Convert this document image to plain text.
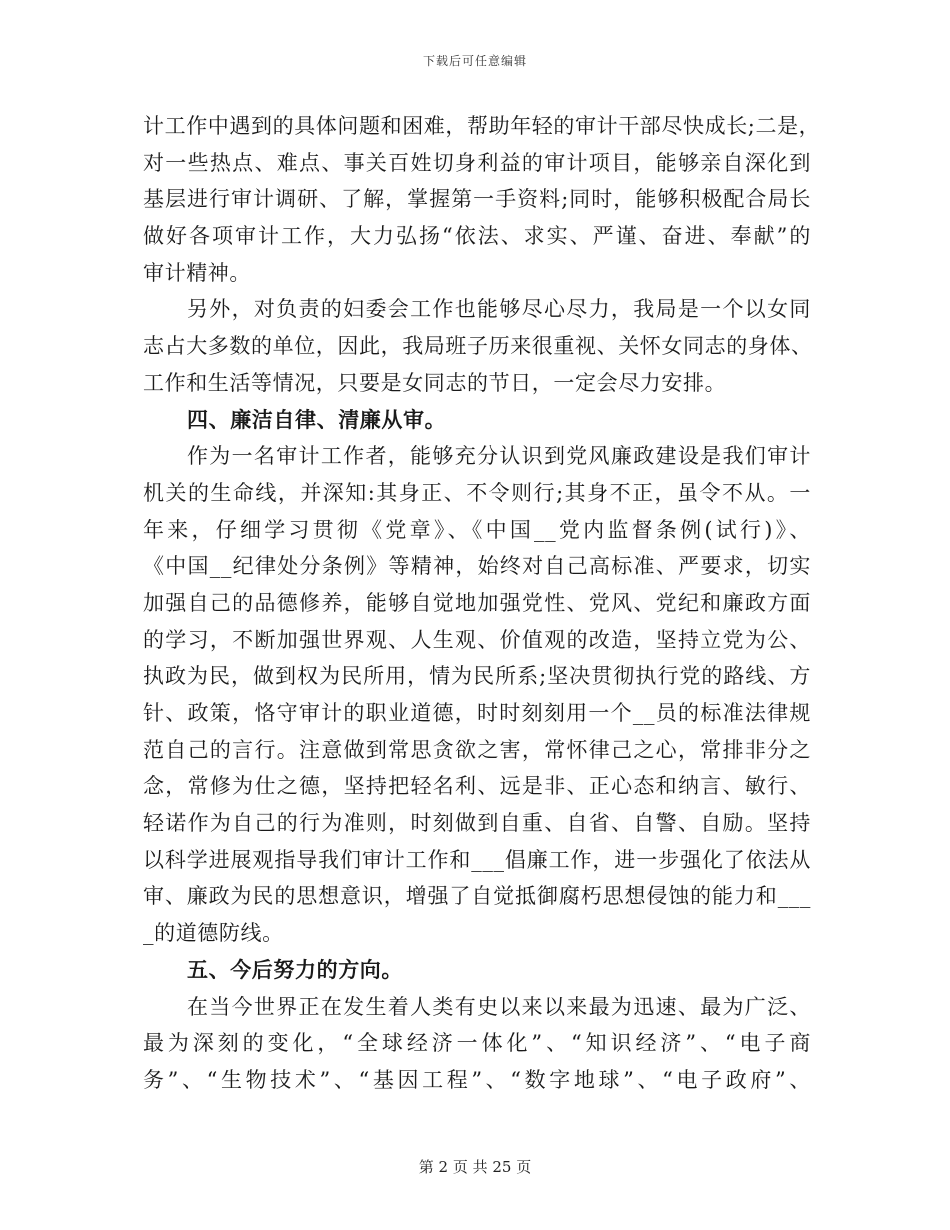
下载后可任意编辑
计工作中遇到的具体问题和困难，帮助年轻的审计干部尽快成长;二是，
对一些热点、难点、事关百姓切身利益的审计项目，能够亲自深化到
基层进行审计调研、了解，掌握第一手资料;同时，能够积极配合局长
做好各项审计工作，大力弘扬“依法、求实、严谨、奋进、奉献”的
审计精神。
另外，对负责的妇委会工作也能够尽心尽力，我局是一个以女同
志占大多数的单位，因此，我局班子历来很重视、关怀女同志的身体、
工作和生活等情况，只要是女同志的节日，一定会尽力安排。
四、廉洁自律、清廉从审。
作为一名审计工作者，能够充分认识到党风廉政建设是我们审计
机关的生命线，并深知:其身正、不令则行;其身不正，虽令不从。一
年来，仔细学习贯彻《党章》、《中国__党内监督条例(试行)》、
《中国__纪律处分条例》等精神，始终对自己高标准、严要求，切实
加强自己的品德修养，能够自觉地加强党性、党风、党纪和廉政方面
的学习，不断加强世界观、人生观、价值观的改造，坚持立党为公、
执政为民，做到权为民所用，情为民所系;坚决贯彻执行党的路线、方
针、政策，恪守审计的职业道德，时时刻刻用一个__员的标准法律规
范自己的言行。注意做到常思贪欲之害，常怀律己之心，常排非分之
念，常修为仕之德，坚持把轻名利、远是非、正心态和纳言、敏行、
轻诺作为自己的行为准则，时刻做到自重、自省、自警、自励。坚持
以科学进展观指导我们审计工作和___倡廉工作，进一步强化了依法从
审、廉政为民的思想意识，增强了自觉抵御腐朽思想侵蚀的能力和___
_的道德防线。
五、今后努力的方向。
在当今世界正在发生着人类有史以来以来最为迅速、最为广泛、
最为深刻的变化，“全球经济一体化”、“知识经济”、“电子商
务”、“生物技术”、“基因工程”、“数字地球”、“电子政府”、
第 2 页 共 25 页
